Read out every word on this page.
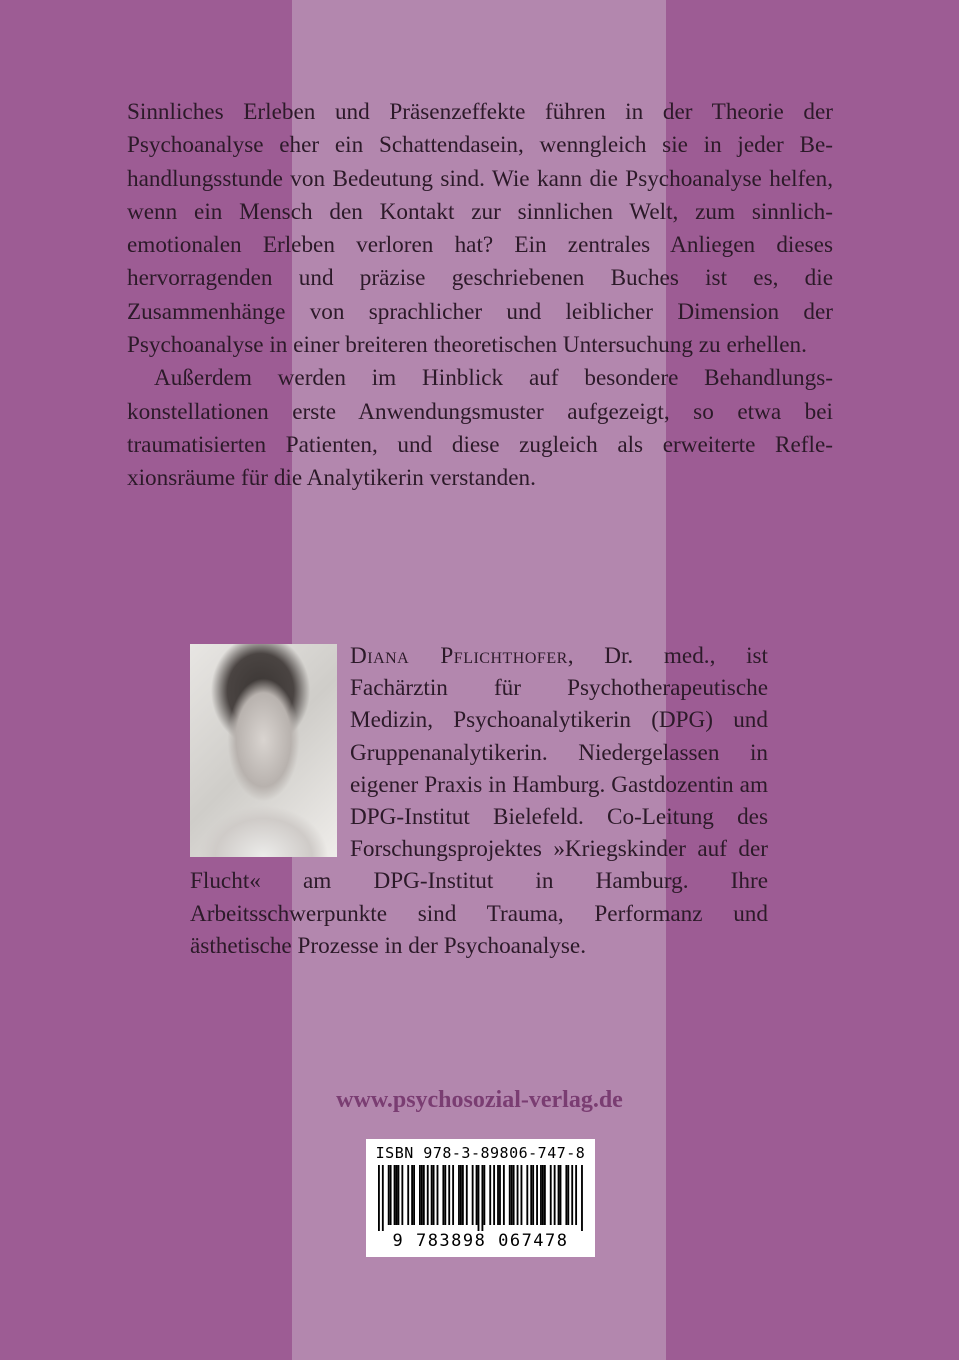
Sinnliches Erleben und Präsenzeffekte führen in der Theorie der Psychoanalyse eher ein Schattendasein, wenngleich sie in jeder Behandlungsstunde von Bedeutung sind. Wie kann die Psychoanalyse helfen, wenn ein Mensch den Kontakt zur sinnlichen Welt, zum sinnlich-emotionalen Erleben verloren hat? Ein zentrales Anliegen dieses hervorragenden und präzise geschriebenen Buches ist es, die Zusammenhänge von sprachlicher und leiblicher Dimension der Psychoanalyse in einer breiteren theoretischen Untersuchung zu erhellen.

Außerdem werden im Hinblick auf besondere Behandlungskonstellationen erste Anwendungsmuster aufgezeigt, so etwa bei traumatisierten Patienten, und diese zugleich als erweiterte Reflexionsräume für die Analytikerin verstanden.

Diana Pflichthofer, Dr. med., ist Fachärztin für Psychotherapeutische Medizin, Psychoanalytikerin (DPG) und Gruppenanalytikerin. Niedergelassen in eigener Praxis in Hamburg. Gastdozentin am DPG-Institut Bielefeld. Co-Leitung des Forschungsprojektes »Kriegskinder auf der Flucht« am DPG-Institut in Hamburg. Ihre Arbeitsschwerpunkte sind Trauma, Performanz und ästhetische Prozesse in der Psychoanalyse.
www.psychosozial-verlag.de
ISBN 978-3-89806-747-8
9 783898 067478
